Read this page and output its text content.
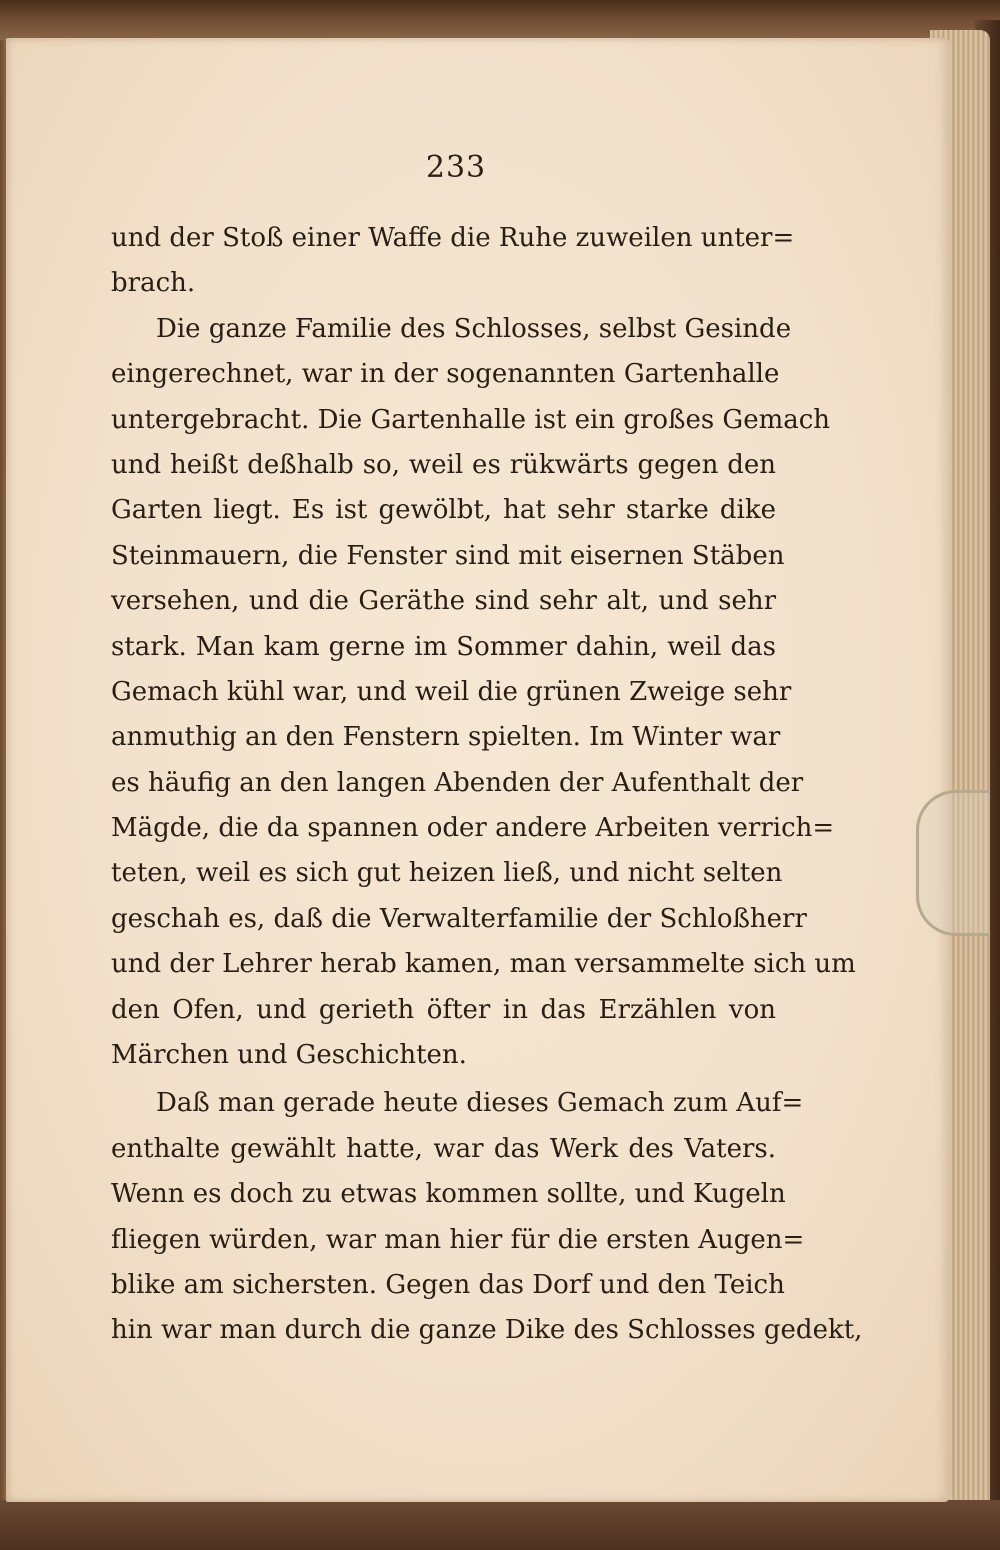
233
und der Stoß einer Waffe die Ruhe zuweilen unter=
brach.
Die ganze Familie des Schlosses, selbst Gesinde
eingerechnet, war in der sogenannten Gartenhalle
untergebracht. Die Gartenhalle ist ein großes Gemach
und heißt deßhalb so, weil es rükwärts gegen den
Garten liegt. Es ist gewölbt, hat sehr starke dike
Steinmauern, die Fenster sind mit eisernen Stäben
versehen, und die Geräthe sind sehr alt, und sehr
stark. Man kam gerne im Sommer dahin, weil das
Gemach kühl war, und weil die grünen Zweige sehr
anmuthig an den Fenstern spielten. Im Winter war
es häufig an den langen Abenden der Aufenthalt der
Mägde, die da spannen oder andere Arbeiten verrich=
teten, weil es sich gut heizen ließ, und nicht selten
geschah es, daß die Verwalterfamilie der Schloßherr
und der Lehrer herab kamen, man versammelte sich um
den Ofen, und gerieth öfter in das Erzählen von
Märchen und Geschichten.
Daß man gerade heute dieses Gemach zum Auf=
enthalte gewählt hatte, war das Werk des Vaters.
Wenn es doch zu etwas kommen sollte, und Kugeln
fliegen würden, war man hier für die ersten Augen=
blike am sichersten. Gegen das Dorf und den Teich
hin war man durch die ganze Dike des Schlosses gedekt,
